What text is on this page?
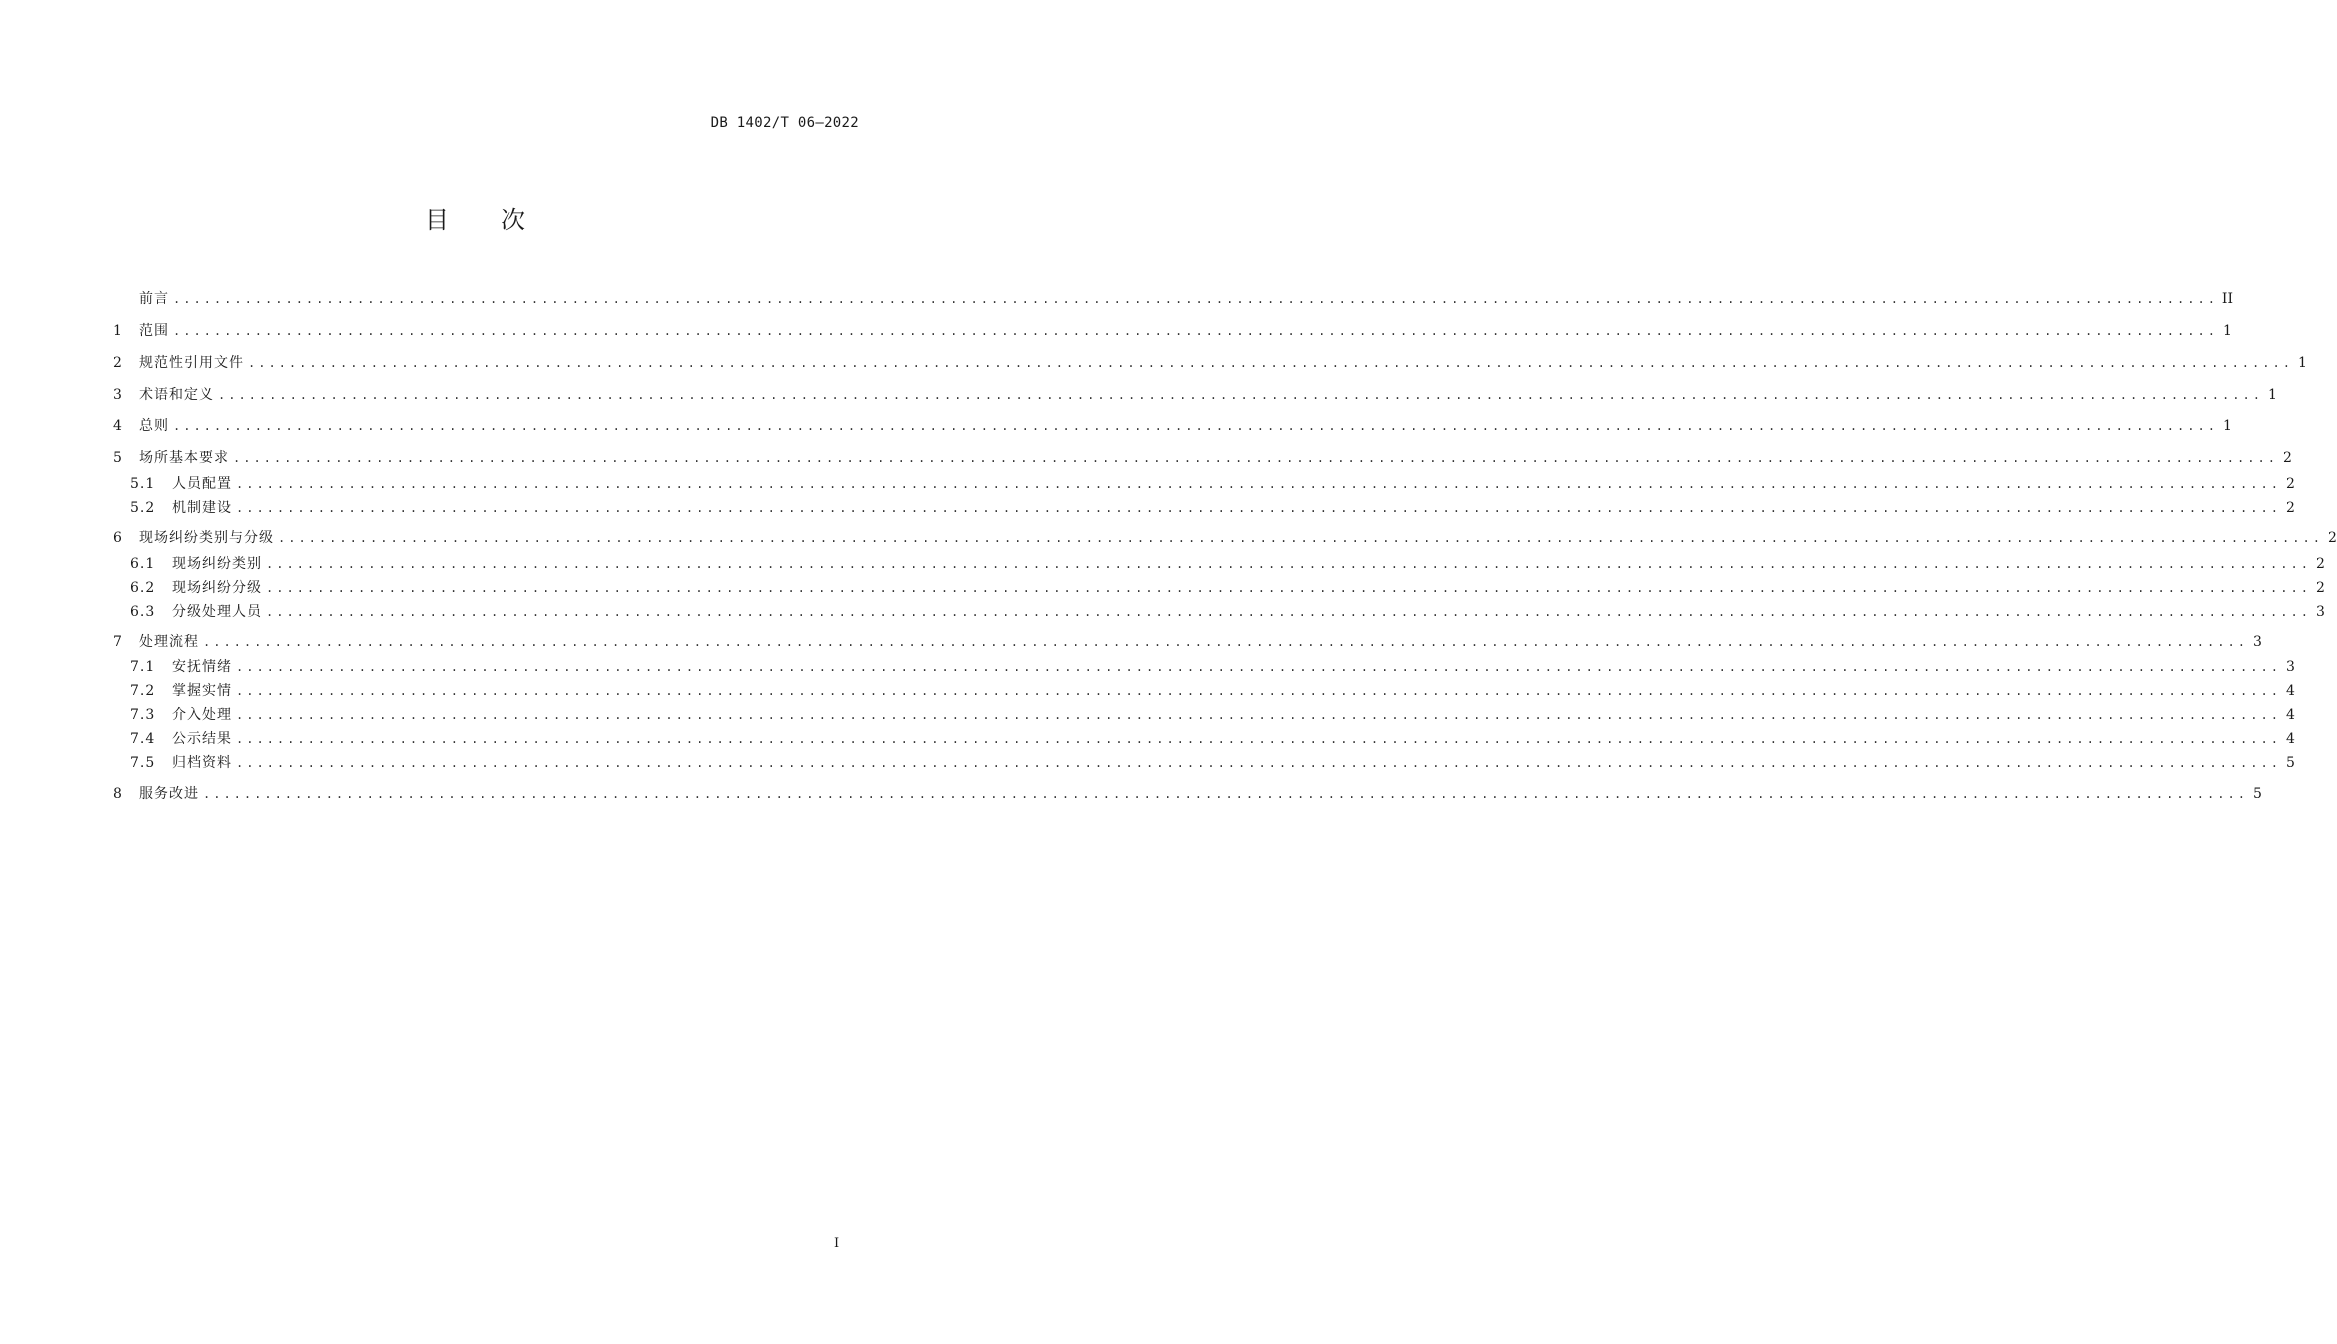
DB 1402/T 06—2022
目 次
前言 ........................................................................................................................................................................................................ II
1	范围 ........................................................................................................................................................................................................ 1
2	规范性引用文件 ........................................................................................................................................................................................................ 1
3	术语和定义 ........................................................................................................................................................................................................ 1
4	总则 ........................................................................................................................................................................................................ 1
5	场所基本要求 ........................................................................................................................................................................................................ 2
5.1	人员配置 ........................................................................................................................................................................................................ 2
5.2	机制建设 ........................................................................................................................................................................................................ 2
6	现场纠纷类别与分级 ........................................................................................................................................................................................................ 2
6.1	现场纠纷类别 ........................................................................................................................................................................................................ 2
6.2	现场纠纷分级 ........................................................................................................................................................................................................ 2
6.3	分级处理人员 ........................................................................................................................................................................................................ 3
7	处理流程 ........................................................................................................................................................................................................ 3
7.1	安抚情绪 ........................................................................................................................................................................................................ 3
7.2	掌握实情 ........................................................................................................................................................................................................ 4
7.3	介入处理 ........................................................................................................................................................................................................ 4
7.4	公示结果 ........................................................................................................................................................................................................ 4
7.5	归档资料 ........................................................................................................................................................................................................ 5
8	服务改进 ........................................................................................................................................................................................................ 5
I
